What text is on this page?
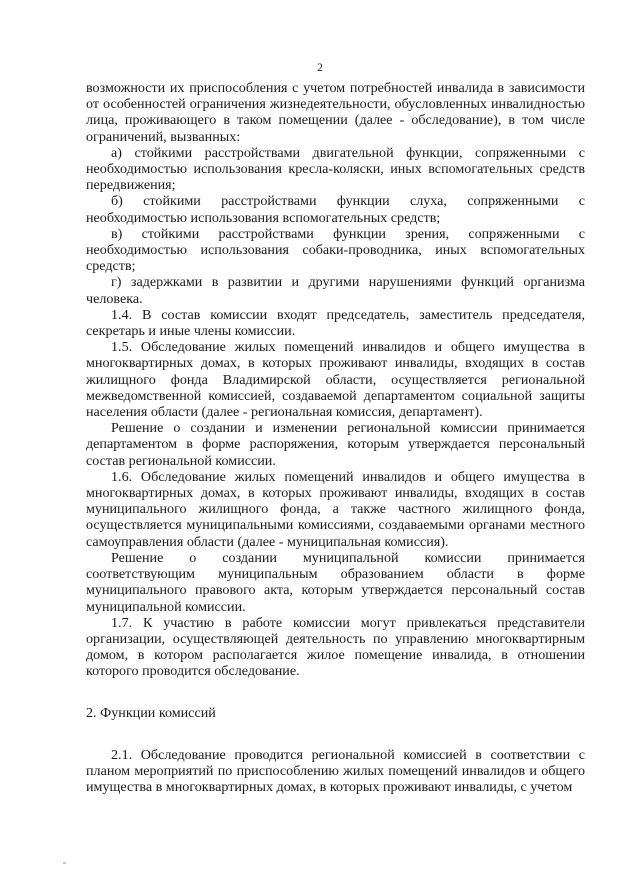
2

возможности их приспособления с учетом потребностей инвалида в зависимости от особенностей ограничения жизнедеятельности, обусловленных инвалидностью лица, проживающего в таком помещении (далее - обследование), в том числе ограничений, вызванных:

а) стойкими расстройствами двигательной функции, сопряженными с необходимостью использования кресла-коляски, иных вспомогательных средств передвижения;

б) стойкими расстройствами функции слуха, сопряженными с необходимостью использования вспомогательных средств;

в) стойкими расстройствами функции зрения, сопряженными с необходимостью использования собаки-проводника, иных вспомогательных средств;

г) задержками в развитии и другими нарушениями функций организма человека.

1.4. В состав комиссии входят председатель, заместитель председателя, секретарь и иные члены комиссии.

1.5. Обследование жилых помещений инвалидов и общего имущества в многоквартирных домах, в которых проживают инвалиды, входящих в состав жилищного фонда Владимирской области, осуществляется региональной межведомственной комиссией, создаваемой департаментом социальной защиты населения области (далее - региональная комиссия, департамент).

Решение о создании и изменении региональной комиссии принимается департаментом в форме распоряжения, которым утверждается персональный состав региональной комиссии.

1.6. Обследование жилых помещений инвалидов и общего имущества в многоквартирных домах, в которых проживают инвалиды, входящих в состав муниципального жилищного фонда, а также частного жилищного фонда, осуществляется муниципальными комиссиями, создаваемыми органами местного самоуправления области (далее - муниципальная комиссия).

Решение о создании муниципальной комиссии принимается соответствующим муниципальным образованием области в форме муниципального правового акта, которым утверждается персональный состав муниципальной комиссии.

1.7. К участию в работе комиссии могут привлекаться представители организации, осуществляющей деятельность по управлению многоквартирным домом, в котором располагается жилое помещение инвалида, в отношении которого проводится обследование.

2. Функции комиссий

2.1. Обследование проводится региональной комиссией в соответствии с планом мероприятий по приспособлению жилых помещений инвалидов и общего имущества в многоквартирных домах, в которых проживают инвалиды, с учетом
